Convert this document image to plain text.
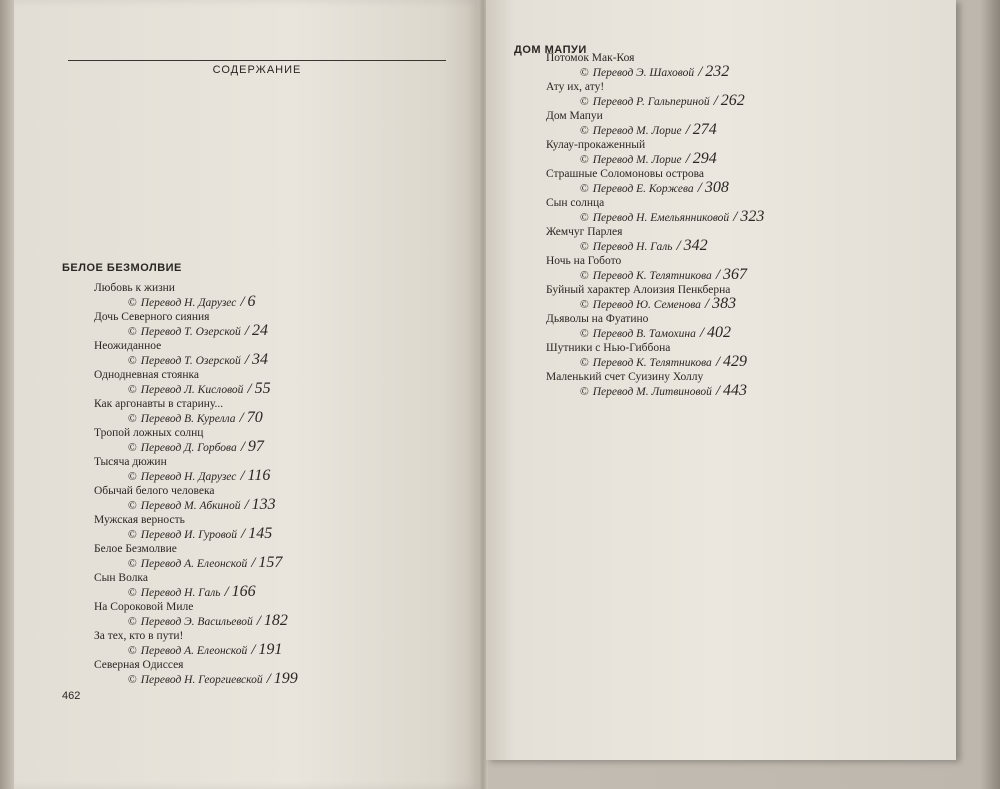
СОДЕРЖАНИЕ
БЕЛОЕ БЕЗМОЛВИЕ
Любовь к жизни
© Перевод Н. Дарузес / 6
Дочь Северного сияния
© Перевод Т. Озерской / 24
Неожиданное
© Перевод Т. Озерской / 34
Однодневная стоянка
© Перевод Л. Кисловой / 55
Как аргонавты в старину...
© Перевод В. Курелла / 70
Тропой ложных солнц
© Перевод Д. Горбова / 97
Тысяча дюжин
© Перевод Н. Дарузес / 116
Обычай белого человека
© Перевод М. Абкиной / 133
Мужская верность
© Перевод И. Гуровой / 145
Белое Безмолвие
© Перевод А. Елеонской / 157
Сын Волка
© Перевод Н. Галь / 166
На Сороковой Миле
© Перевод Э. Васильевой / 182
За тех, кто в пути!
© Перевод А. Елеонской / 191
Северная Одиссея
© Перевод Н. Георгиевской / 199
462
ДОМ МАПУИ
Потомок Мак-Коя
© Перевод Э. Шаховой / 232
Ату их, ату!
© Перевод Р. Гальпериной / 262
Дом Мапуи
© Перевод М. Лорие / 274
Кулау-прокаженный
© Перевод М. Лорие / 294
Страшные Соломоновы острова
© Перевод Е. Коржева / 308
Сын солнца
© Перевод Н. Емельянниковой / 323
Жемчуг Парлея
© Перевод Н. Галь / 342
Ночь на Гобото
© Перевод К. Телятникова / 367
Буйный характер Алоизия Пенкберна
© Перевод Ю. Семенова / 383
Дьяволы на Фуатино
© Перевод В. Тамохина / 402
Шутники с Нью-Гиббона
© Перевод К. Телятникова / 429
Маленький счет Суизину Холлу
© Перевод М. Литвиновой / 443
